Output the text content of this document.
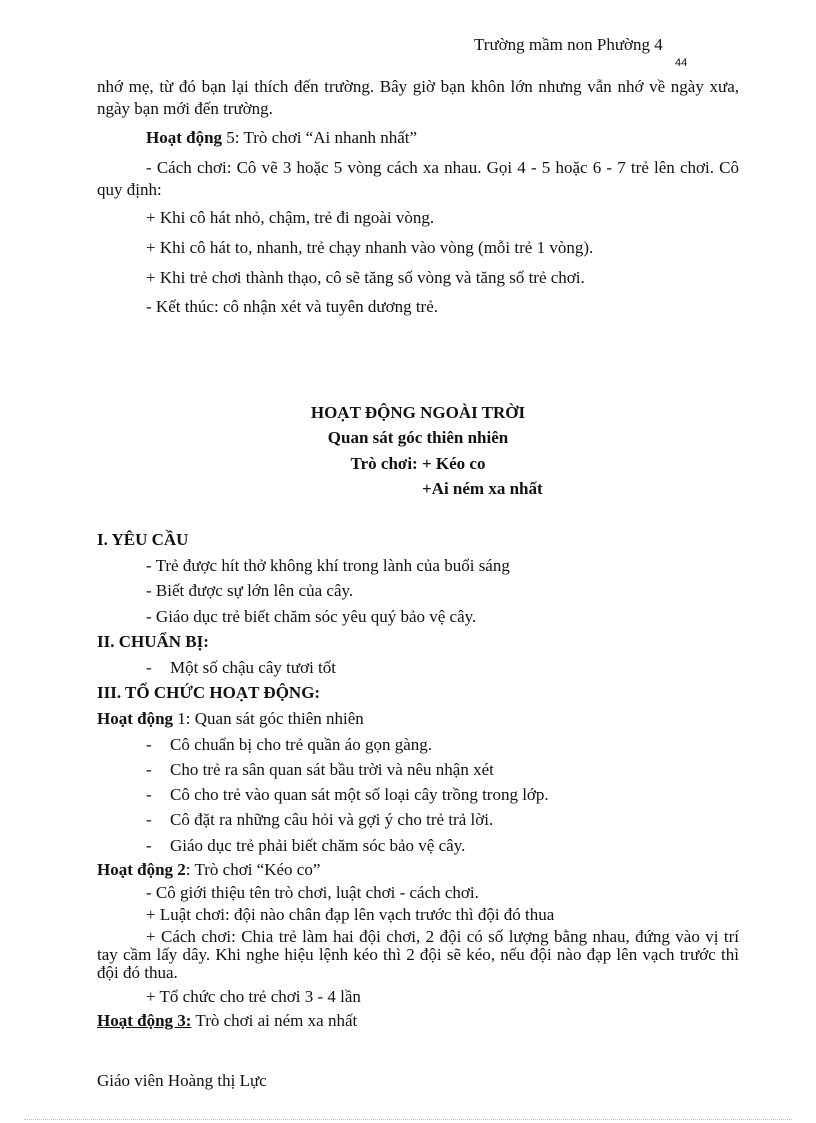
Trường mầm non Phường 4
44
nhớ mẹ, từ đó bạn lại thích đến trường. Bây giờ bạn khôn lớn nhưng vẫn nhớ về ngày xưa, ngày bạn mới đến trường.
Hoạt động 5: Trò chơi “Ai nhanh nhất”
- Cách chơi: Cô vẽ 3 hoặc 5 vòng cách xa nhau. Gọi 4 - 5 hoặc 6 - 7 trẻ lên chơi. Cô quy định:
+ Khi cô hát nhỏ, chậm, trẻ đi ngoài vòng.
+ Khi cô hát to, nhanh, trẻ chạy nhanh vào vòng (mỗi trẻ 1 vòng).
+ Khi trẻ chơi thành thạo, cô sẽ tăng số vòng và tăng số trẻ chơi.
- Kết thúc: cô nhận xét và tuyên dương trẻ.
HOẠT ĐỘNG NGOÀI TRỜI
Quan sát góc thiên nhiên
Trò chơi: + Kéo co
+Ai ném xa nhất
I. YÊU CẦU
- Trẻ được hít thở không khí trong lành của buổi sáng
- Biết được sự lớn lên của cây.
- Giáo dục trẻ biết chăm sóc yêu quý bảo vệ cây.
II. CHUẨN BỊ:
- Một số chậu cây tươi tốt
III. TỔ CHỨC HOẠT ĐỘNG:
Hoạt động 1: Quan sát góc thiên nhiên
- Cô chuẩn bị cho trẻ quần áo gọn gàng.
- Cho trẻ ra sân quan sát bầu trời và nêu nhận xét
- Cô cho trẻ vào quan sát một số loại cây trồng trong lớp.
- Cô đặt ra những câu hỏi và gợi ý cho trẻ trả lời.
- Giáo dục trẻ phải biết chăm sóc bảo vệ cây.
Hoạt động 2: Trò chơi “Kéo co”
- Cô giới thiệu tên trò chơi, luật chơi - cách chơi.
+ Luật chơi: đội nào chân đạp lên vạch trước thì đội đó thua
+ Cách chơi: Chia trẻ làm hai đội chơi, 2 đội có số lượng bằng nhau, đứng vào vị trí tay cầm lấy dây. Khi nghe hiệu lệnh kéo thì 2 đội sẽ kéo, nếu đội nào đạp lên vạch trước thì đội đó thua.
+ Tổ chức cho trẻ chơi 3 - 4 lần
Hoạt động 3: Trò chơi ai ném xa nhất
Giáo viên Hoàng thị Lực
